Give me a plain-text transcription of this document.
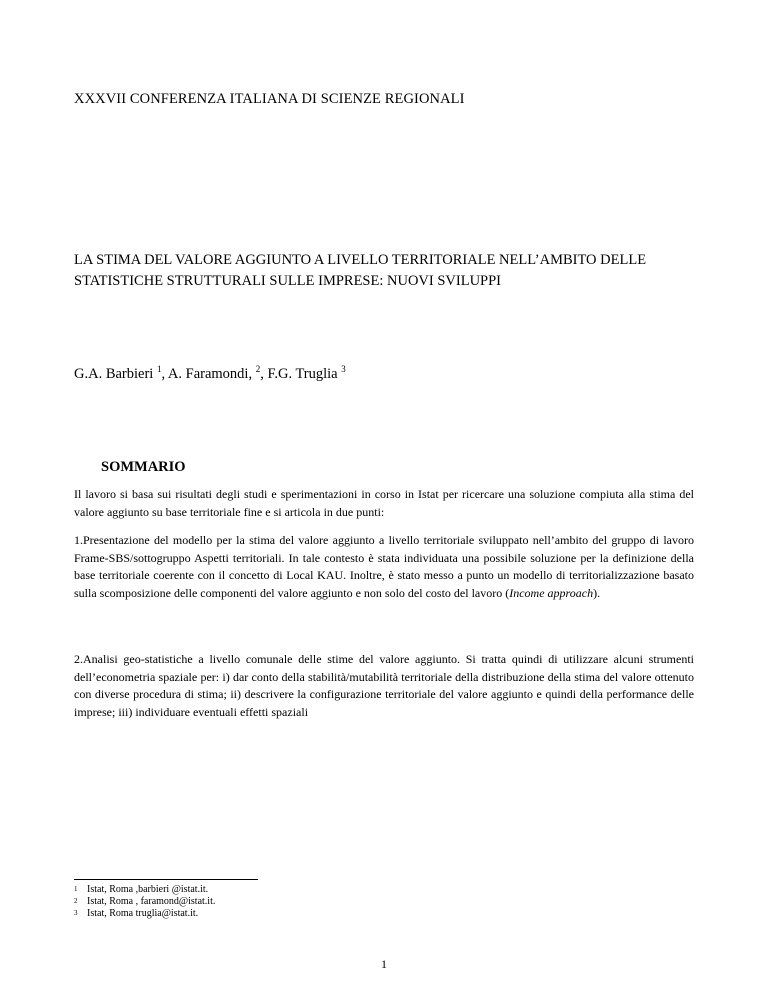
XXXVII CONFERENZA ITALIANA DI SCIENZE REGIONALI
LA STIMA DEL VALORE AGGIUNTO A LIVELLO TERRITORIALE NELL’AMBITO DELLE
STATISTICHE STRUTTURALI SULLE IMPRESE: NUOVI SVILUPPI
G.A. Barbieri $^1$, A. Faramondi, $^2$, F.G. Truglia $^3$
SOMMARIO
Il lavoro si basa sui risultati degli studi e sperimentazioni in corso in Istat per ricercare una soluzione compiuta alla stima del valore aggiunto su base territoriale fine e si articola in due punti:
1.Presentazione del modello per la stima del valore aggiunto a livello territoriale sviluppato nell’ambito del gruppo di lavoro Frame-SBS/sottogruppo Aspetti territoriali. In tale contesto è stata individuata una possibile soluzione per la definizione della base territoriale coerente con il concetto di Local KAU. Inoltre, è stato messo a punto un modello di territorializzazione basato sulla scomposizione delle componenti del valore aggiunto e non solo del costo del lavoro (Income approach).
2.Analisi geo-statistiche a livello comunale delle stime del valore aggiunto. Si tratta quindi di utilizzare alcuni strumenti dell’econometria spaziale per: i) dar conto della stabilità/mutabilità territoriale della distribuzione della stima del valore ottenuto con diverse procedura di stima; ii) descrivere la configurazione territoriale del valore aggiunto e quindi della performance delle imprese; iii) individuare eventuali effetti spaziali
1 Istat, Roma ,barbieri @istat.it.
2 Istat, Roma , faramond@istat.it.
3 Istat, Roma truglia@istat.it.
1
